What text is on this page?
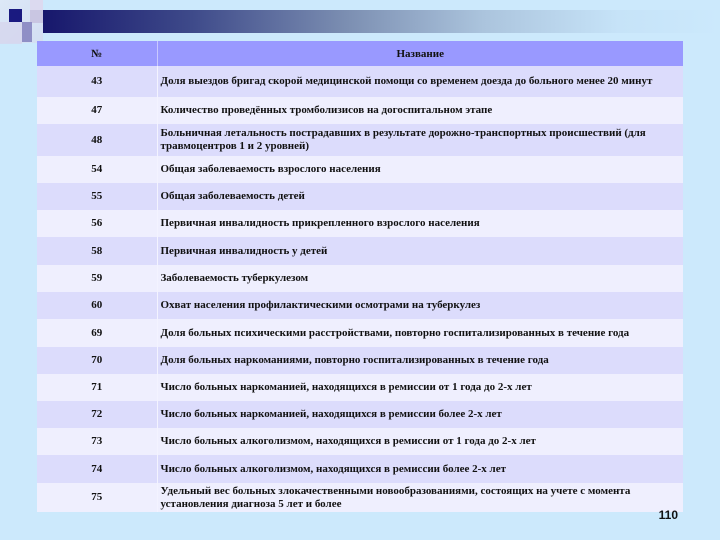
№	Название
43	Доля выездов бригад скорой медицинской помощи со временем доезда до больного менее 20 минут
47	Количество проведённых тромболизисов на догоспитальном этапе
48	Больничная летальность пострадавших в результате дорожно-транспортных происшествий (для травмоцентров 1 и 2 уровней)
54	Общая заболеваемость взрослого населения
55	Общая заболеваемость детей
56	Первичная инвалидность прикрепленного взрослого населения
58	Первичная инвалидность у детей
59	Заболеваемость туберкулезом
60	Охват населения профилактическими осмотрами на туберкулез
69	Доля больных психическими расстройствами, повторно госпитализированных в течение года
70	Доля больных наркоманиями, повторно госпитализированных в течение года
71	Число больных наркоманией, находящихся в ремиссии от 1 года до 2-х лет
72	Число больных наркоманией, находящихся в ремиссии более 2-х лет
73	Число больных алкоголизмом, находящихся в ремиссии от 1 года до 2-х лет
74	Число больных алкоголизмом, находящихся в ремиссии более 2-х лет
75	Удельный вес больных злокачественными новообразованиями, состоящих на учете с момента установления диагноза 5 лет и более
110
